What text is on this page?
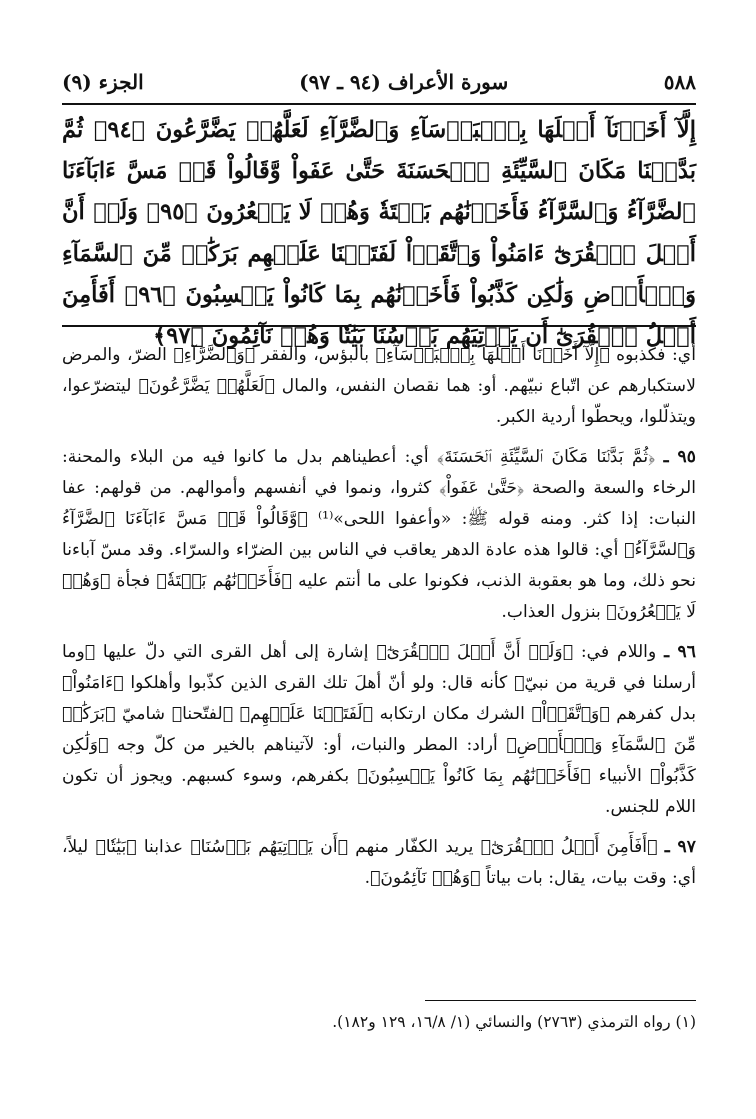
٥٨٨
سورة الأعراف (٩٤ ـ ٩٧)
الجزء (٩)
إِلَّآ أَخَذۡنَآ أَهۡلَهَا بِٱلۡبَأۡسَآءِ وَٱلضَّرَّآءِ لَعَلَّهُمۡ يَضَّرَّعُونَ ﴿٩٤﴾ ثُمَّ بَدَّلۡنَا مَكَانَ ٱلسَّيِّئَةِ ٱلۡحَسَنَةَ حَتَّىٰ عَفَواْ وَّقَالُواْ قَدۡ مَسَّ ءَابَآءَنَا ٱلضَّرَّآءُ وَٱلسَّرَّآءُ فَأَخَذۡنَٰهُم بَغۡتَةٗ وَهُمۡ لَا يَشۡعُرُونَ ﴿٩٥﴾ وَلَوۡ أَنَّ أَهۡلَ ٱلۡقُرَىٰٓ ءَامَنُواْ وَٱتَّقَوۡاْ لَفَتَحۡنَا عَلَيۡهِم بَرَكَٰتٖ مِّنَ ٱلسَّمَآءِ وَٱلۡأَرۡضِ وَلَٰكِن كَذَّبُواْ فَأَخَذۡنَٰهُم بِمَا كَانُواْ يَكۡسِبُونَ ﴿٩٦﴾ أَفَأَمِنَ أَهۡلُ ٱلۡقُرَىٰٓ أَن يَأۡتِيَهُم بَأۡسُنَا بَيَٰتٗا وَهُمۡ نَآئِمُونَ ﴿٩٧﴾

أي: فكذبوه ﴿إِلَّآ أَخَذۡنَآ أَهۡلَهَا بِٱلۡبَأۡسَآءِ﴾ بالبؤس، والفقر ﴿وَٱلضَّرَّآءِ﴾ الضرّ، والمرض لاستكبارهم عن اتّباع نبيّهم. أو: هما نقصان النفس، والمال ﴿لَعَلَّهُمۡ يَضَّرَّعُونَ﴾ ليتضرّعوا، ويتذلّلوا، ويحطّوا أردية الكبر.

٩٥ ـ ﴿ثُمَّ بَدَّلۡنَا مَكَانَ ٱلسَّيِّئَةِ ٱلۡحَسَنَةَ﴾ أي: أعطيناهم بدل ما كانوا فيه من البلاء والمحنة: الرخاء والسعة والصحة ﴿حَتَّىٰ عَفَواْ﴾ كثروا، ونموا في أنفسهم وأموالهم. من قولهم: عفا النبات: إذا كثر. ومنه قوله ﷺ: «وأعفوا اللحى»⁽¹⁾ ﴿وَّقَالُواْ قَدۡ مَسَّ ءَابَآءَنَا ٱلضَّرَّآءُ وَٱلسَّرَّآءُ﴾ أي: قالوا هذه عادة الدهر يعاقب في الناس بين الضرّاء والسرّاء. وقد مسّ آباءنا نحو ذلك، وما هو بعقوبة الذنب، فكونوا على ما أنتم عليه ﴿فَأَخَذۡنَٰهُم بَغۡتَةٗ﴾ فجأة ﴿وَهُمۡ لَا يَشۡعُرُونَ﴾ بنزول العذاب.

٩٦ ـ واللام في: ﴿وَلَوۡ أَنَّ أَهۡلَ ٱلۡقُرَىٰٓ﴾ إشارة إلى أهل القرى التي دلّ عليها ﴿وما أرسلنا في قرية من نبيّ﴾ كأنه قال: ولو أنّ أهلَ تلك القرى الذين كذّبوا وأهلكوا ﴿ءَامَنُواْ﴾ بدل كفرهم ﴿وَٱتَّقَوۡاْ﴾ الشرك مكان ارتكابه ﴿لَفَتَحۡنَا عَلَيۡهِم﴾ ﴿لفتّحنا﴾ شاميّ ﴿بَرَكَٰتٖ مِّنَ ٱلسَّمَآءِ وَٱلۡأَرۡضِ﴾ أراد: المطر والنبات، أو: لآتيناهم بالخير من كلّ وجه ﴿وَلَٰكِن كَذَّبُواْ﴾ الأنبياء ﴿فَأَخَذۡنَٰهُم بِمَا كَانُواْ يَكۡسِبُونَ﴾ بكفرهم، وسوء كسبهم. ويجوز أن تكون اللام للجنس.

٩٧ ـ ﴿أَفَأَمِنَ أَهۡلُ ٱلۡقُرَىٰٓ﴾ يريد الكفّار منهم ﴿أَن يَأۡتِيَهُم بَأۡسُنَا﴾ عذابنا ﴿بَيَٰتٗا﴾ ليلاً، أي: وقت بيات، يقال: بات بياتاً ﴿وَهُمۡ نَآئِمُونَ﴾.

(١) رواه الترمذي (٢٧٦٣) والنسائي (١/ ١٦/٨، ١٢٩ و١٨٢).
